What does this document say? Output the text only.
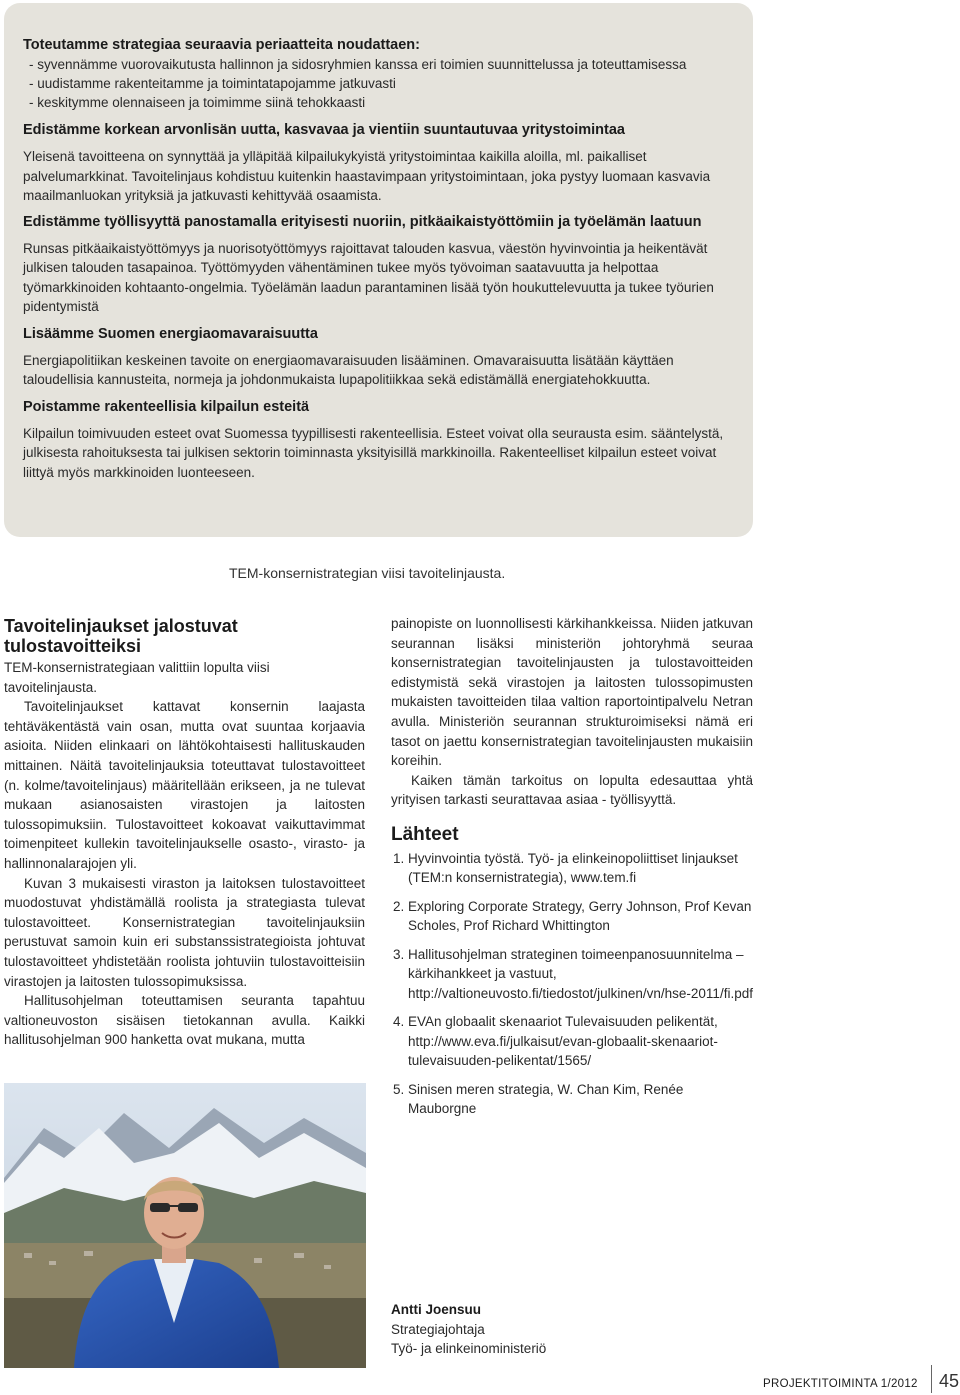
Toteutamme strategiaa seuraavia periaatteita noudattaen:

- syvennämme vuorovaikutusta hallinnon ja sidosryhmien kanssa eri toimien suunnittelussa ja toteuttamisessa
- uudistamme rakenteitamme ja toimintatapojamme jatkuvasti
- keskitymme olennaiseen ja toimimme siinä tehokkaasti
Edistämme korkean arvonlisän uutta, kasvavaa ja vientiin suuntautuvaa yritystoimintaa

Yleisenä tavoitteena on synnyttää ja ylläpitää kilpailukykyistä yritystoimintaa kaikilla aloilla, ml. paikalliset palvelumarkkinat. Tavoitelinjaus kohdistuu kuitenkin haastavimpaan yritystoimintaan, joka pystyy luomaan kasvavia maailmanluokan yrityksiä ja jatkuvasti kehittyvää osaamista.

Edistämme työllisyyttä panostamalla erityisesti nuoriin, pitkäaikaistyöttömiin ja työelämän laatuun

Runsas pitkäaikaistyöttömyys ja nuorisotyöttömyys rajoittavat talouden kasvua, väestön hyvinvointia ja heikentävät julkisen talouden tasapainoa. Työttömyyden vähentäminen tukee myös työvoiman saatavuutta ja helpottaa työmarkkinoiden kohtaanto-ongelmia. Työelämän laadun parantaminen lisää työn houkuttelevuutta ja tukee työurien pidentymistä

Lisäämme Suomen energiaomavaraisuutta

Energiapolitiikan keskeinen tavoite on energiaomavaraisuuden lisääminen. Omavaraisuutta lisätään käyttäen taloudellisia kannusteita, normeja ja johdonmukaista lupapolitiikkaa sekä edistämällä energiatehokkuutta.

Poistamme rakenteellisia kilpailun esteitä

Kilpailun toimivuuden esteet ovat Suomessa tyypillisesti rakenteellisia. Esteet voivat olla seurausta esim. sääntelystä, julkisesta rahoituksesta tai julkisen sektorin toiminnasta yksityisillä markkinoilla. Rakenteelliset kilpailun esteet voivat liittyä myös markkinoiden luonteeseen.

TEM-konsernistrategian viisi tavoitelinjausta.
Tavoitelinjaukset jalostuvat tulostavoitteiksi

TEM-konsernistrategiaan valittiin lopulta viisi tavoitelinjausta.

Tavoitelinjaukset kattavat konsernin laajasta tehtäväkentästä vain osan, mutta ovat suuntaa korjaavia asioita. Niiden elinkaari on lähtökohtaisesti hallituskauden mittainen. Näitä tavoitelinjauksia toteuttavat tulostavoitteet (n. kolme/tavoitelinjaus) määritellään erikseen, ja ne tulevat mukaan asianosaisten virastojen ja laitosten tulossopimuksiin. Tulostavoitteet kokoavat vaikuttavimmat toimenpiteet kullekin tavoitelinjaukselle osasto-, virasto- ja hallinnonalarajojen yli.

Kuvan 3 mukaisesti viraston ja laitoksen tulostavoitteet muodostuvat yhdistämällä roolista ja strategiasta tulevat tulostavoitteet. Konsernistrategian tavoitelinjauksiin perustuvat samoin kuin eri substanssistrategioista johtuvat tulostavoitteet yhdistetään roolista johtuviin tulostavoitteisiin virastojen ja laitosten tulossopimuksissa.

Hallitusohjelman toteuttamisen seuranta tapahtuu valtioneuvoston sisäisen tietokannan avulla. Kaikki hallitusohjelman 900 hanketta ovat mukana, mutta

painopiste on luonnollisesti kärkihankkeissa. Niiden jatkuvan seurannan lisäksi ministeriön johtoryhmä seuraa konsernistrategian tavoitelinjausten ja tulostavoitteiden edistymistä sekä virastojen ja laitosten tulossopimusten mukaisten tavoitteiden tilaa valtion raportointipalvelu Netran avulla. Ministeriön seurannan strukturoimiseksi nämä eri tasot on jaettu konsernistrategian tavoitelinjausten mukaisiin koreihin.

Kaiken tämän tarkoitus on lopulta edesauttaa yhtä yrityisen tarkasti seurattavaa asiaa - työllisyyttä.

Lähteet
1. Hyvinvointia työstä. Työ- ja elinkeinopoliittiset linjaukset (TEM:n konsernistrategia), www.tem.fi
2. Exploring Corporate Strategy, Gerry Johnson, Prof Kevan Scholes, Prof Richard Whittington
3. Hallitusohjelman strateginen toimeenpanosuunnitelma – kärkihankkeet ja vastuut, http://valtioneuvosto.fi/tiedostot/julkinen/vn/hse-2011/fi.pdf
4. EVAn globaalit skenaariot Tulevaisuuden pelikentät, http://www.eva.fi/julkaisut/evan-globaalit-skenaariot-tulevaisuuden-pelikentat/1565/
5. Sinisen meren strategia, W. Chan Kim, Renée Mauborgne
Antti Joensuu
Strategiajohtaja
Työ- ja elinkeinoministeriö
PROJEKTITOIMINTA 1/2012 45
